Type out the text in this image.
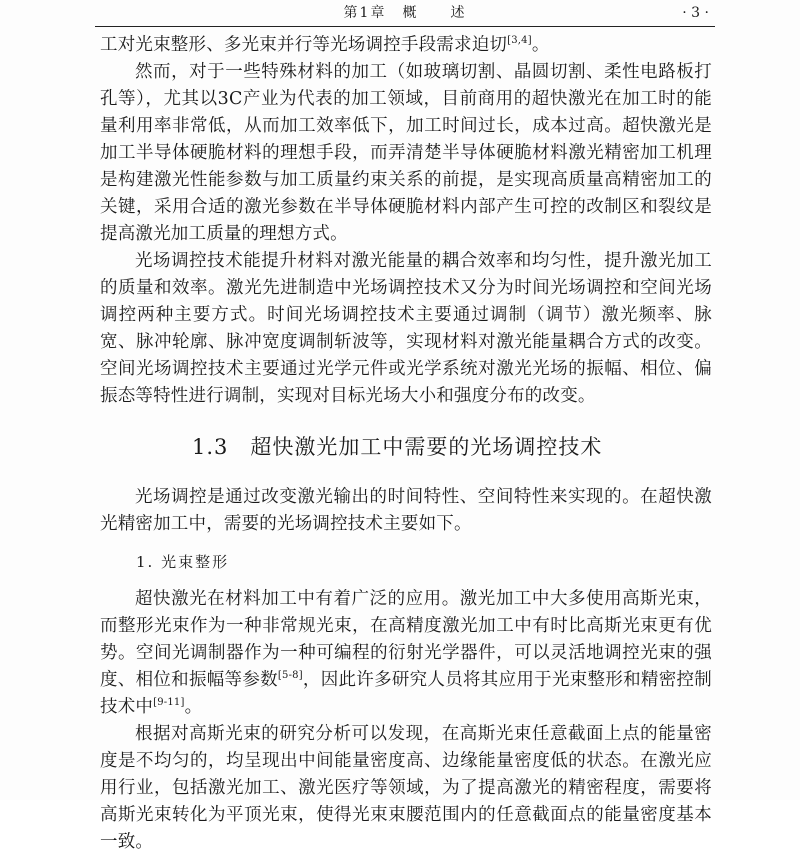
第1章　概　　述	· 3 ·

工对光束整形、多光束并行等光场调控手段需求迫切[3,4]。

然而，对于一些特殊材料的加工（如玻璃切割、晶圆切割、柔性电路板打孔等），尤其以3C产业为代表的加工领域，目前商用的超快激光在加工时的能量利用率非常低，从而加工效率低下，加工时间过长，成本过高。超快激光是加工半导体硬脆材料的理想手段，而弄清楚半导体硬脆材料激光精密加工机理是构建激光性能参数与加工质量约束关系的前提，是实现高质量高精密加工的关键，采用合适的激光参数在半导体硬脆材料内部产生可控的改制区和裂纹是提高激光加工质量的理想方式。

光场调控技术能提升材料对激光能量的耦合效率和均匀性，提升激光加工的质量和效率。激光先进制造中光场调控技术又分为时间光场调控和空间光场调控两种主要方式。时间光场调控技术主要通过调制（调节）激光频率、脉宽、脉冲轮廓、脉冲宽度调制斩波等，实现材料对激光能量耦合方式的改变。空间光场调控技术主要通过光学元件或光学系统对激光光场的振幅、相位、偏振态等特性进行调制，实现对目标光场大小和强度分布的改变。

1.3 超快激光加工中需要的光场调控技术

光场调控是通过改变激光输出的时间特性、空间特性来实现的。在超快激光精密加工中，需要的光场调控技术主要如下。

1. 光束整形

超快激光在材料加工中有着广泛的应用。激光加工中大多使用高斯光束，而整形光束作为一种非常规光束，在高精度激光加工中有时比高斯光束更有优势。空间光调制器作为一种可编程的衍射光学器件，可以灵活地调控光束的强度、相位和振幅等参数[5-8]，因此许多研究人员将其应用于光束整形和精密控制技术中[9-11]。

根据对高斯光束的研究分析可以发现，在高斯光束任意截面上点的能量密度是不均匀的，均呈现出中间能量密度高、边缘能量密度低的状态。在激光应用行业，包括激光加工、激光医疗等领域，为了提高激光的精密程度，需要将高斯光束转化为平顶光束，使得光束束腰范围内的任意截面点的能量密度基本一致。
